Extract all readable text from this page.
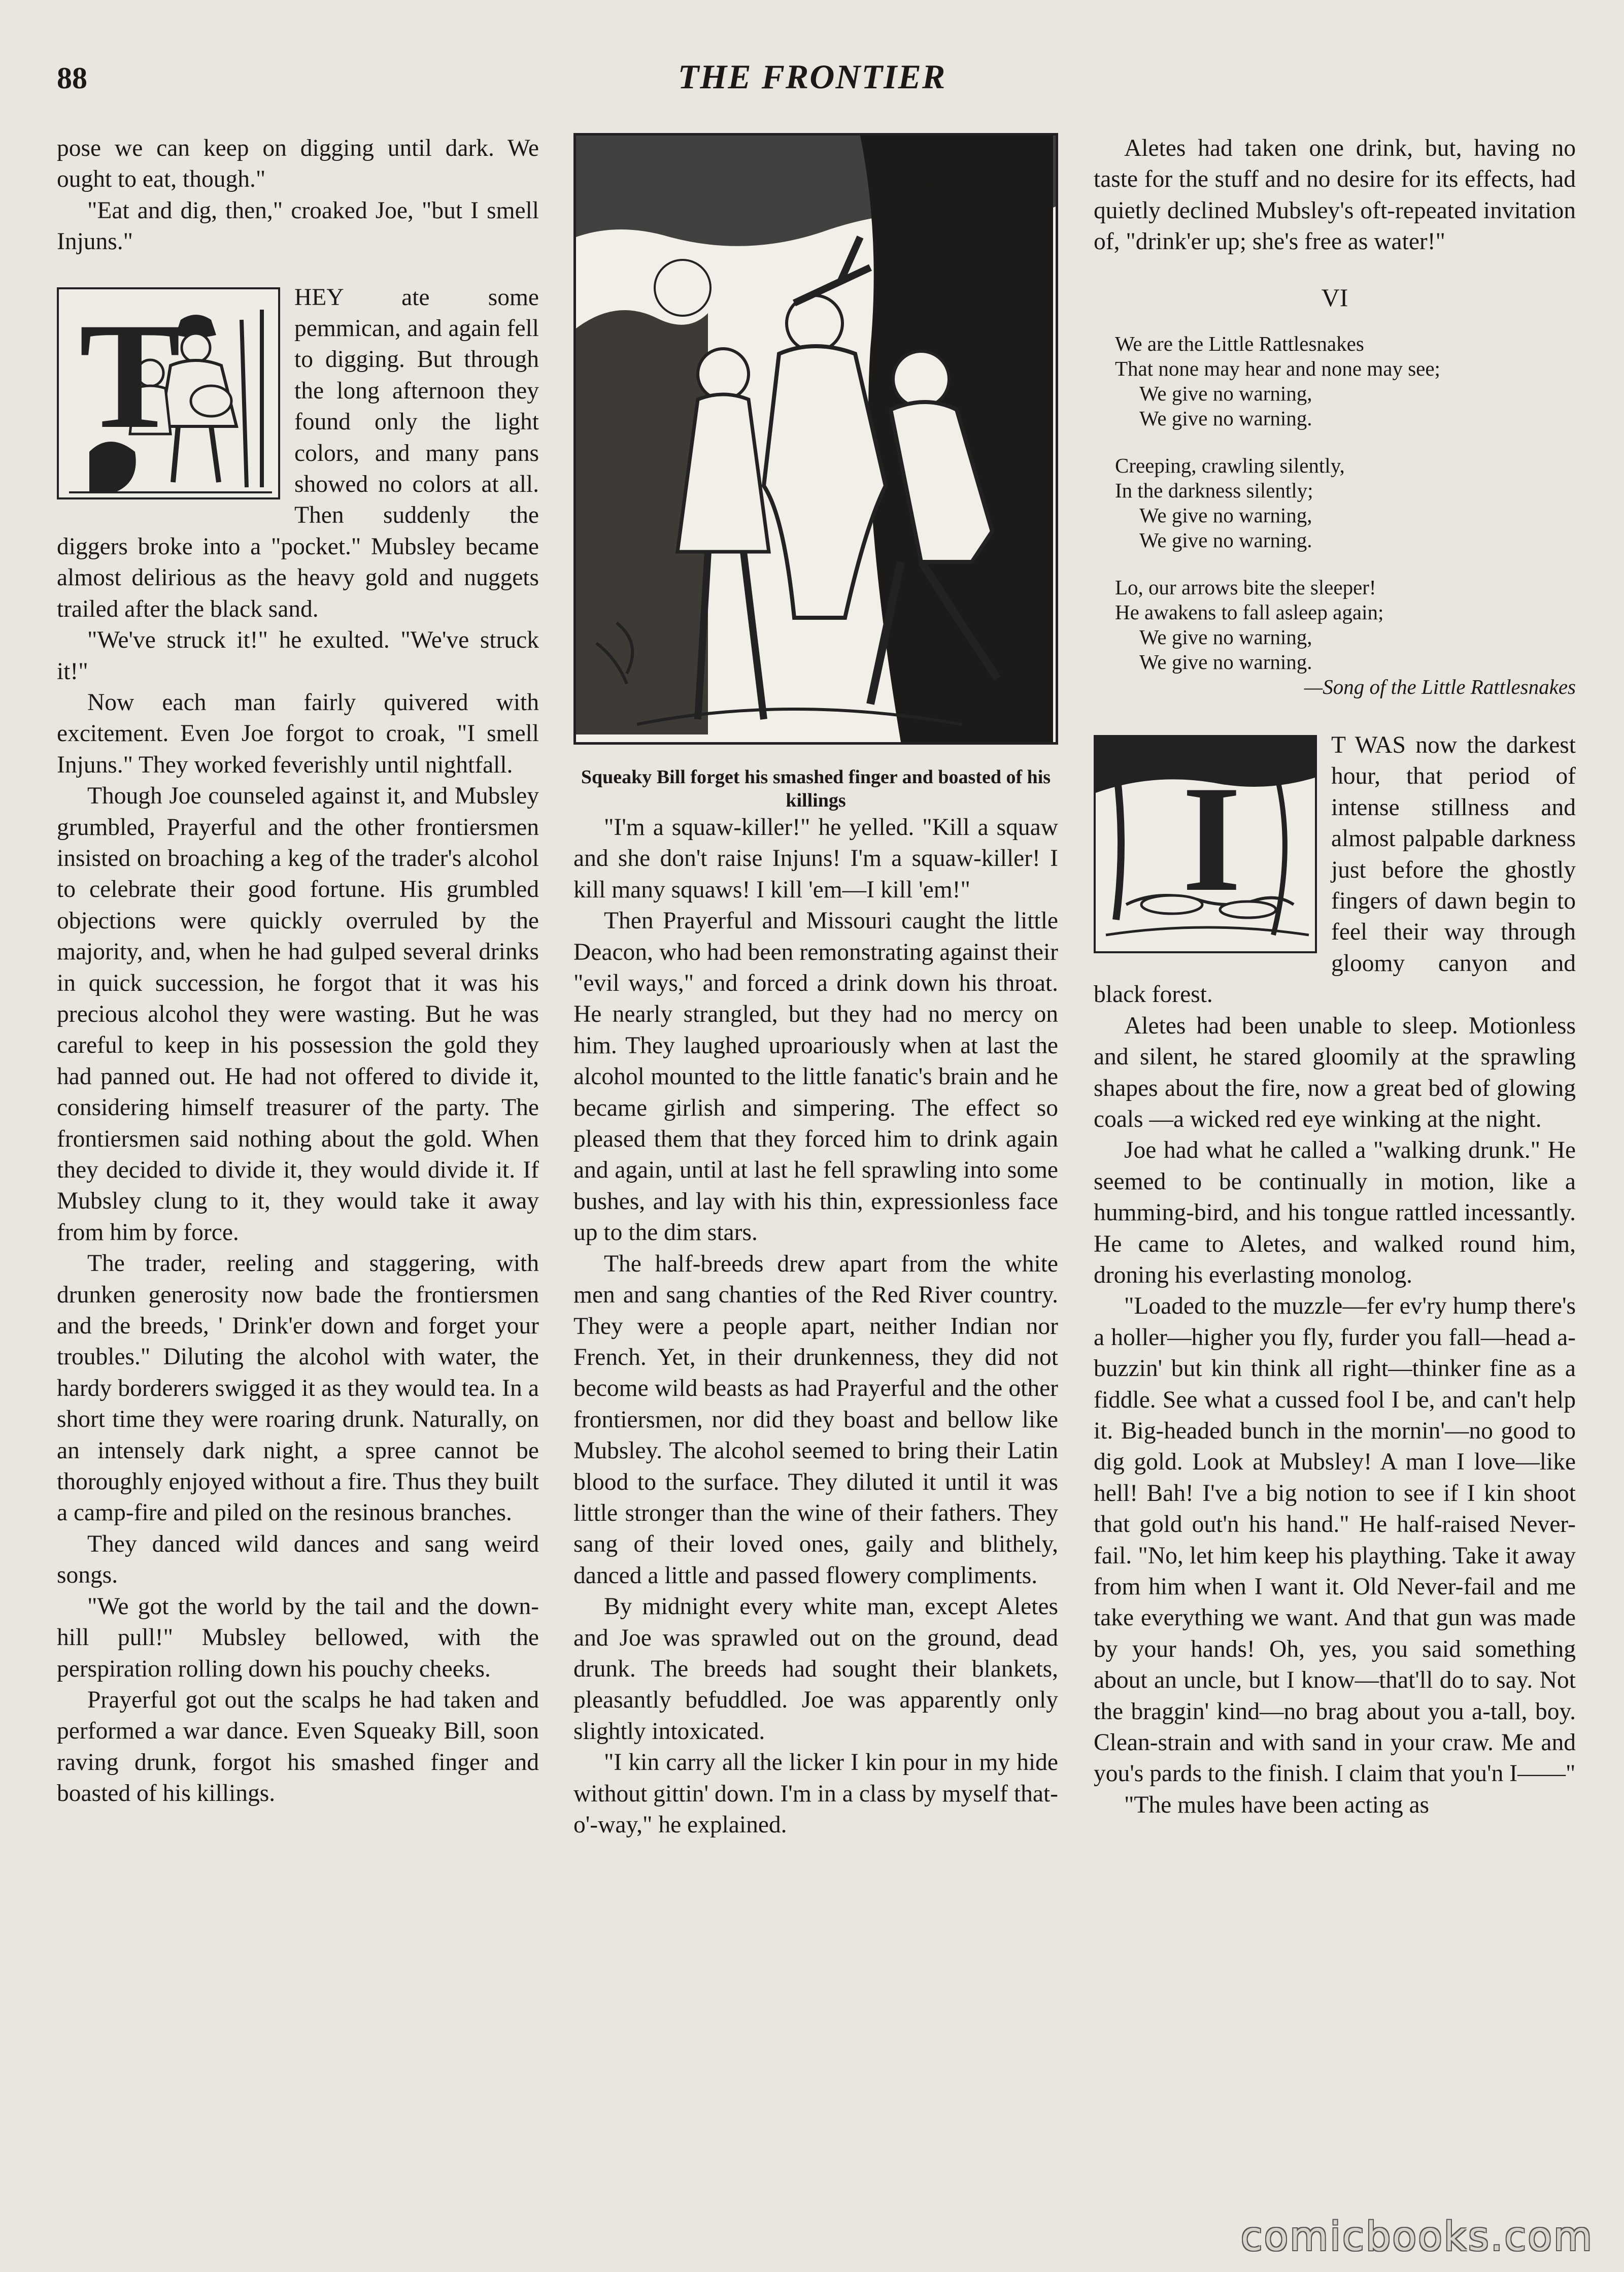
88	THE FRONTIER

pose we can keep on digging until dark. We ought to eat, though."

"Eat and dig, then," croaked Joe, "but I smell Injuns."

T	HEY ate some pemmican, and again fell to digging. But through the long afternoon they found only the light colors, and many pans showed no colors at all. Then suddenly the diggers broke into a "pocket." Mubsley became almost delirious as the heavy gold and nuggets trailed after the black sand.

"We've struck it!" he exulted. "We've struck it!"

Now each man fairly quivered with excitement. Even Joe forgot to croak, "I smell Injuns." They worked feverishly until nightfall.

Though Joe counseled against it, and Mubsley grumbled, Prayerful and the other frontiersmen insisted on broaching a keg of the trader's alcohol to celebrate their good fortune. His grumbled objections were quickly overruled by the majority, and, when he had gulped several drinks in quick succession, he forgot that it was his precious alcohol they were wasting. But he was careful to keep in his possession the gold they had panned out. He had not offered to divide it, considering himself treasurer of the party. The frontiersmen said nothing about the gold. When they decided to divide it, they would divide it. If Mubsley clung to it, they would take it away from him by force.

The trader, reeling and staggering, with drunken generosity now bade the frontiersmen and the breeds, ' Drink'er down and forget your troubles." Diluting the alcohol with water, the hardy borderers swigged it as they would tea. In a short time they were roaring drunk. Naturally, on an intensely dark night, a spree cannot be thoroughly enjoyed without a fire. Thus they built a camp-fire and piled on the resinous branches.

They danced wild dances and sang weird songs.

"We got the world by the tail and the down-hill pull!" Mubsley bellowed, with the perspiration rolling down his pouchy cheeks.

Prayerful got out the scalps he had taken and performed a war dance. Even Squeaky Bill, soon raving drunk, forgot his smashed finger and boasted of his killings.

Squeaky Bill forget his smashed finger and boasted of his killings

"I'm a squaw-killer!" he yelled. "Kill a squaw and she don't raise Injuns! I'm a squaw-killer! I kill many squaws! I kill 'em—I kill 'em!"

Then Prayerful and Missouri caught the little Deacon, who had been remonstrating against their "evil ways," and forced a drink down his throat. He nearly strangled, but they had no mercy on him. They laughed uproariously when at last the alcohol mounted to the little fanatic's brain and he became girlish and simpering. The effect so pleased them that they forced him to drink again and again, until at last he fell sprawling into some bushes, and lay with his thin, expressionless face up to the dim stars.

The half-breeds drew apart from the white men and sang chanties of the Red River country. They were a people apart, neither Indian nor French. Yet, in their drunkenness, they did not become wild beasts as had Prayerful and the other frontiersmen, nor did they boast and bellow like Mubsley. The alcohol seemed to bring their Latin blood to the surface. They diluted it until it was little stronger than the wine of their fathers. They sang of their loved ones, gaily and blithely, danced a little and passed flowery compliments.

By midnight every white man, except Aletes and Joe was sprawled out on the ground, dead drunk. The breeds had sought their blankets, pleasantly befuddled. Joe was apparently only slightly intoxicated.

"I kin carry all the licker I kin pour in my hide without gittin' down. I'm in a class by myself that-o'-way," he explained.

Aletes had taken one drink, but, having no taste for the stuff and no desire for its effects, had quietly declined Mubsley's oft-repeated invitation of, "drink'er up; she's free as water!"

VI
We are the Little Rattlesnakes
That none may hear and none may see;
We give no warning,
We give no warning.
Creeping, crawling silently,
In the darkness silently;
We give no warning,
We give no warning.
Lo, our arrows bite the sleeper!
He awakens to fall asleep again;
We give no warning,
We give no warning.
—Song of the Little Rattlesnakes
I

T WAS now the darkest hour, that period of intense stillness and almost palpable darkness just before the ghostly fingers of dawn begin to feel their way through gloomy canyon and black forest.

Aletes had been unable to sleep. Motionless and silent, he stared gloomily at the sprawling shapes about the fire, now a great bed of glowing coals —a wicked red eye winking at the night.

Joe had what he called a "walking drunk." He seemed to be continually in motion, like a humming-bird, and his tongue rattled incessantly. He came to Aletes, and walked round him, droning his everlasting monolog.

"Loaded to the muzzle—fer ev'ry hump there's a holler—higher you fly, furder you fall—head a-buzzin' but kin think all right—thinker fine as a fiddle. See what a cussed fool I be, and can't help it. Big-headed bunch in the mornin'—no good to dig gold. Look at Mubsley! A man I love—like hell! Bah! I've a big notion to see if I kin shoot that gold out'n his hand." He half-raised Never-fail. "No, let him keep his plaything. Take it away from him when I want it. Old Never-fail and me take everything we want. And that gun was made by your hands! Oh, yes, you said something about an uncle, but I know—that'll do to say. Not the braggin' kind—no brag about you a-tall, boy. Clean-strain and with sand in your craw. Me and you's pards to the finish. I claim that you'n I——"

"The mules have been acting as

comicbooks.com
